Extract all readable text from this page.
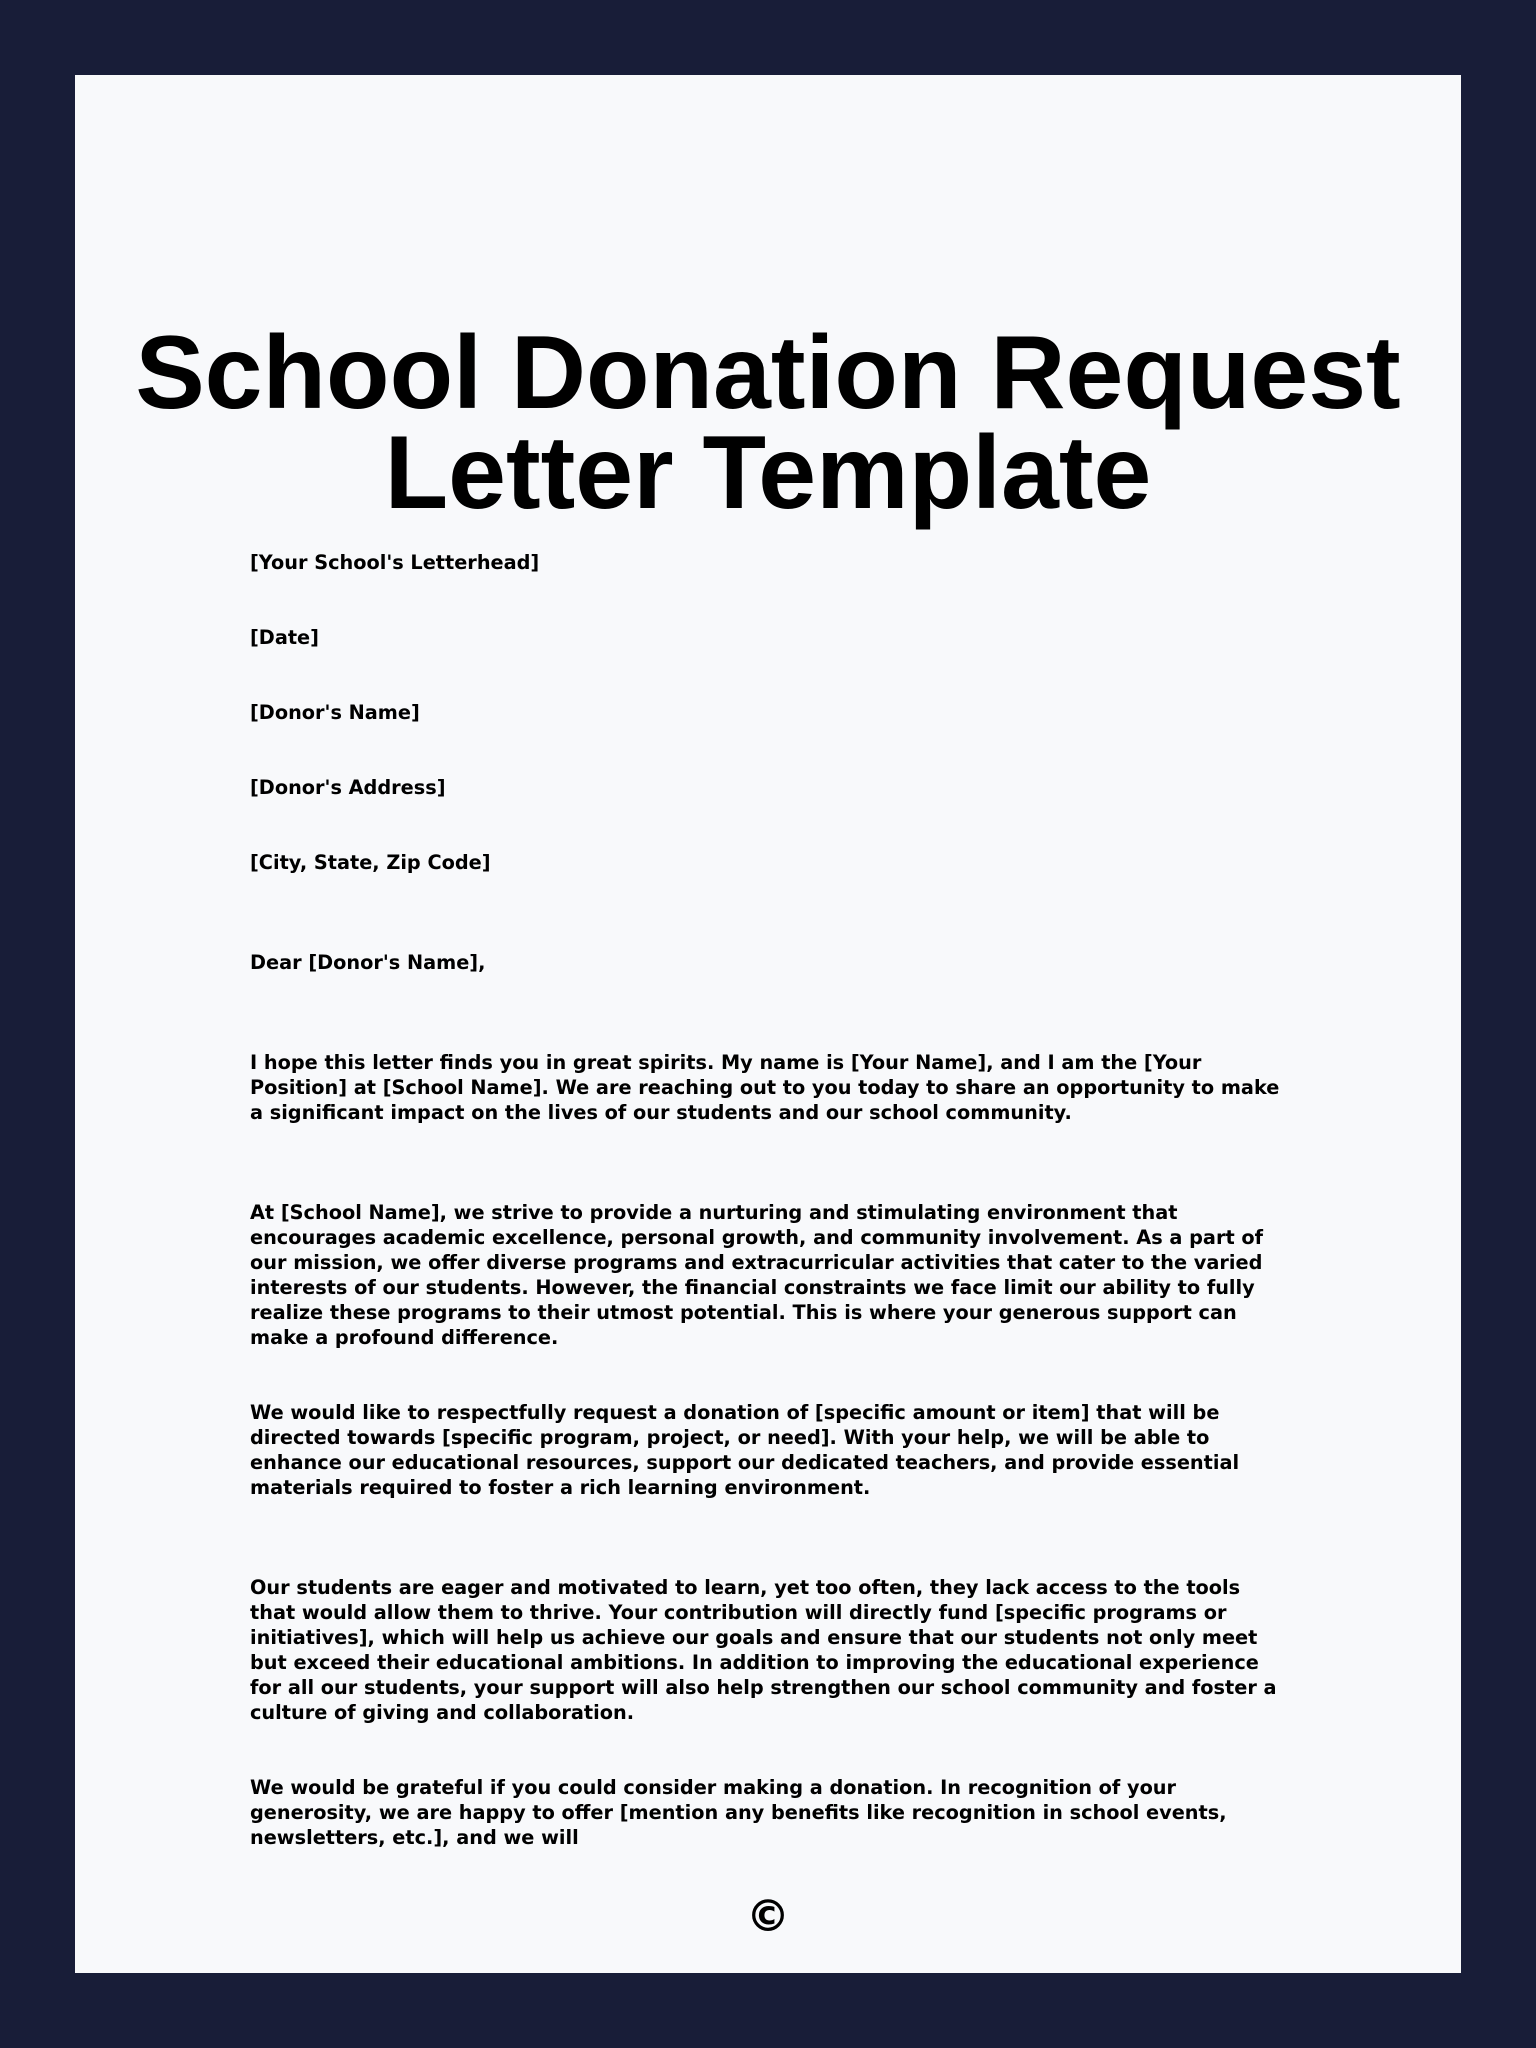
School Donation Request Letter Template

[Your School's Letterhead]

[Date]

[Donor's Name]

[Donor's Address]

[City, State, Zip Code]

Dear [Donor's Name],

I hope this letter finds you in great spirits. My name is [Your Name], and I am the [Your Position] at [School Name]. We are reaching out to you today to share an opportunity to make a significant impact on the lives of our students and our school community.

At [School Name], we strive to provide a nurturing and stimulating environment that encourages academic excellence, personal growth, and community involvement. As a part of our mission, we offer diverse programs and extracurricular activities that cater to the varied interests of our students. However, the financial constraints we face limit our ability to fully realize these programs to their utmost potential. This is where your generous support can make a profound difference.

We would like to respectfully request a donation of [specific amount or item] that will be directed towards [specific program, project, or need]. With your help, we will be able to enhance our educational resources, support our dedicated teachers, and provide essential materials required to foster a rich learning environment.

Our students are eager and motivated to learn, yet too often, they lack access to the tools that would allow them to thrive. Your contribution will directly fund [specific programs or initiatives], which will help us achieve our goals and ensure that our students not only meet but exceed their educational ambitions. In addition to improving the educational experience for all our students, your support will also help strengthen our school community and foster a culture of giving and collaboration.

We would be grateful if you could consider making a donation. In recognition of your generosity, we are happy to offer [mention any benefits like recognition in school events, newsletters, etc.], and we will

©
